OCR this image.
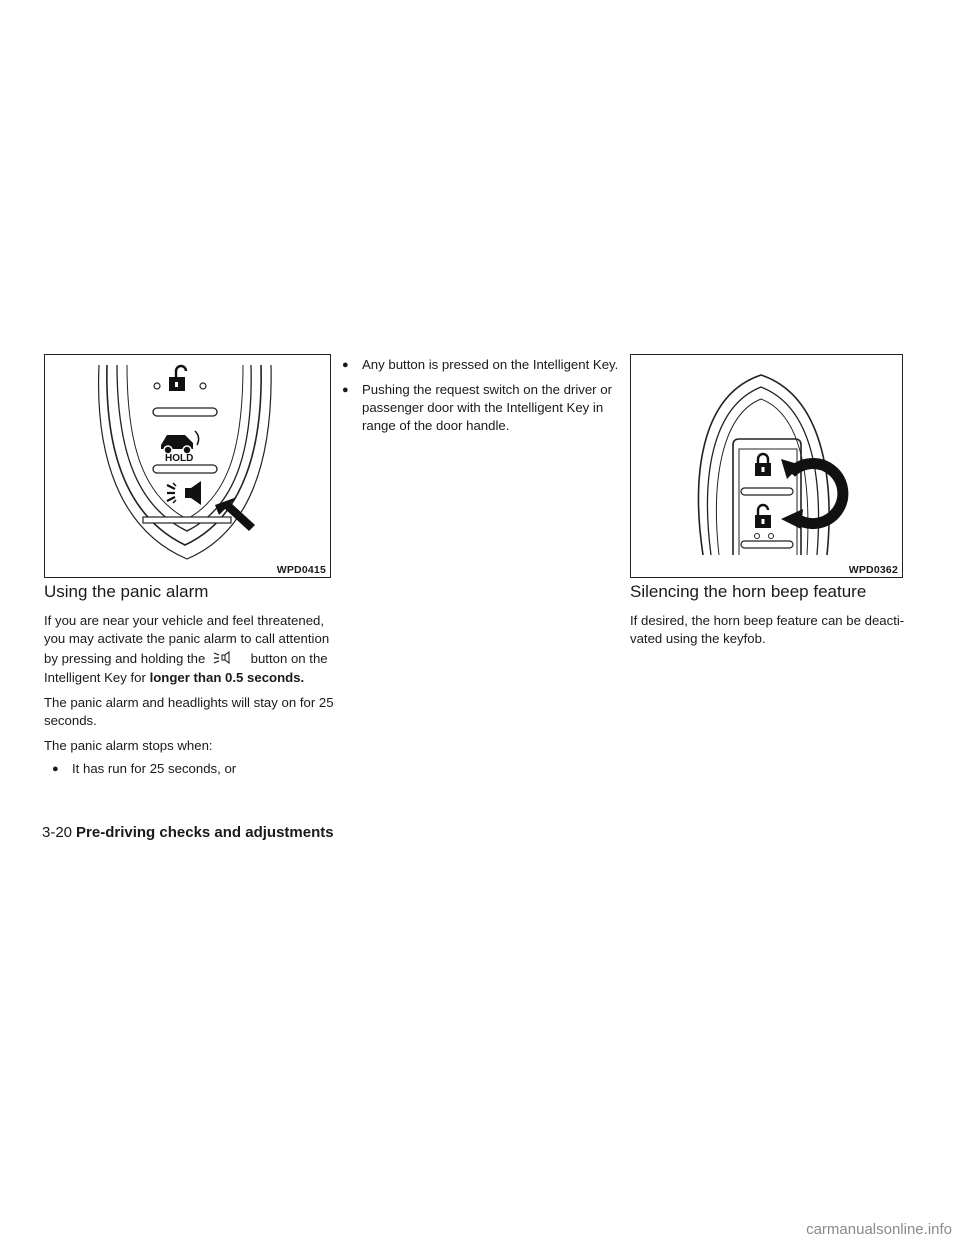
HOLD
WPD0415
Using the panic alarm

If you are near your vehicle and feel threatened,

you may activate the panic alarm to call attention

by pressing and holding the	button on the

Intelligent Key for longer than 0.5 seconds.

The panic alarm and headlights will stay on for 25

seconds.

The panic alarm stops when:

●	It has run for 25 seconds, or
●	Any button is pressed on the Intelligent Key.
●	Pushing the request switch on the driver or
passenger door with the Intelligent Key in
range of the door handle.
WPD0362
Silencing the horn beep feature

If desired, the horn beep feature can be deacti-

vated using the keyfob.

3-20 Pre-driving checks and adjustments
carmanualsonline.info
